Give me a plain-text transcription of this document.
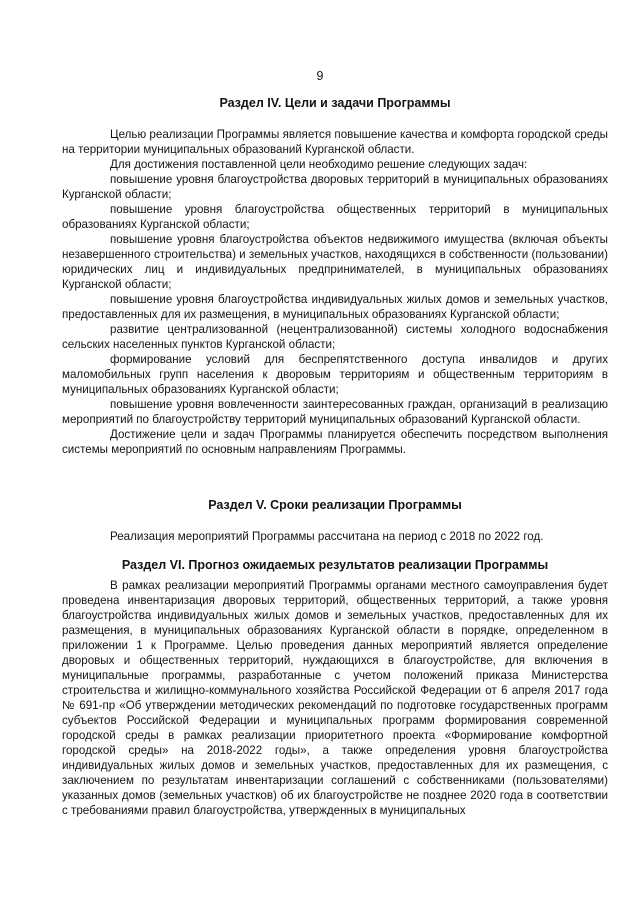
9
Раздел IV. Цели и задачи Программы

Целью реализации Программы является повышение качества и комфорта городской среды на территории муниципальных образований Курганской области.

Для достижения поставленной цели необходимо решение следующих задач:

повышение уровня благоустройства дворовых территорий в муниципальных образованиях Курганской области;

повышение уровня благоустройства общественных территорий в муниципальных образованиях Курганской области;

повышение уровня благоустройства объектов недвижимого имущества (включая объекты незавершенного строительства) и земельных участков, находящихся в собственности (пользовании) юридических лиц и индивидуальных предпринимателей, в муниципальных образованиях Курганской области;

повышение уровня благоустройства индивидуальных жилых домов и земельных участков, предоставленных для их размещения, в муниципальных образованиях Курганской области;

развитие централизованной (нецентрализованной) системы холодного водоснабжения сельских населенных пунктов Курганской области;

формирование условий для беспрепятственного доступа инвалидов и других маломобильных групп населения к дворовым территориям и общественным территориям в муниципальных образованиях Курганской области;

повышение уровня вовлеченности заинтересованных граждан, организаций в реализацию мероприятий по благоустройству территорий муниципальных образований Курганской области.

Достижение цели и задач Программы планируется обеспечить посредством выполнения системы мероприятий по основным направлениям Программы.

Раздел V. Сроки реализации Программы

Реализация мероприятий Программы рассчитана на период с 2018 по 2022 год.

Раздел VI. Прогноз ожидаемых результатов реализации Программы

В рамках реализации мероприятий Программы органами местного самоуправления будет проведена инвентаризация дворовых территорий, общественных территорий, а также уровня благоустройства индивидуальных жилых домов и земельных участков, предоставленных для их размещения, в муниципальных образованиях Курганской области в порядке, определенном в приложении 1 к Программе. Целью проведения данных мероприятий является определение дворовых и общественных территорий, нуждающихся в благоустройстве, для включения в муниципальные программы, разработанные с учетом положений приказа Министерства строительства и жилищно-коммунального хозяйства Российской Федерации от 6 апреля 2017 года № 691-пр «Об утверждении методических рекомендаций по подготовке государственных программ субъектов Российской Федерации и муниципальных программ формирования современной городской среды в рамках реализации приоритетного проекта «Формирование комфортной городской среды» на 2018-2022 годы», а также определения уровня благоустройства индивидуальных жилых домов и земельных участков, предоставленных для их размещения, с заключением по результатам инвентаризации соглашений с собственниками (пользователями) указанных домов (земельных участков) об их благоустройстве не позднее 2020 года в соответствии с требованиями правил благоустройства, утвержденных в муниципальных
